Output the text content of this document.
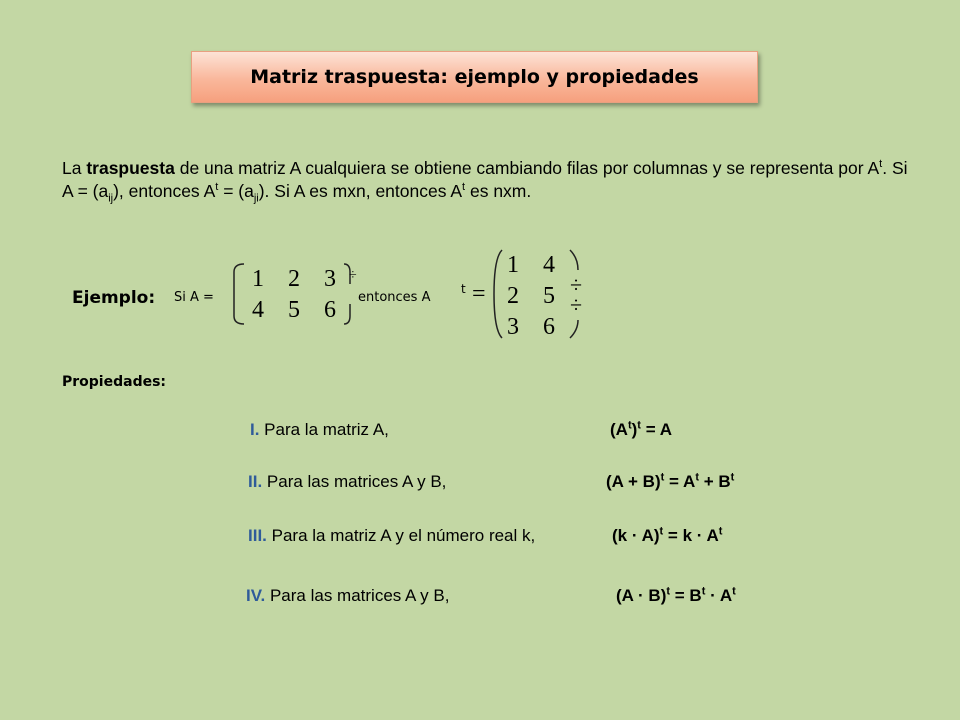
Matriz traspuesta: ejemplo y propiedades

La traspuesta de una matriz A cualquiera se obtiene cambiando filas por columnas y se representa por $A^t$. Si $A = (a_{ij})$, entonces $A^t = (a_{ji})$. Si A es mxn, entonces $A^t$ es nxm.

Ejemplo: Si A =
1 2 3
4 5 6
÷
entonces A
t =
1 4
2 5
3 6
÷
÷
Propiedades:
I. Para la matriz A,	$(A^t)^t = A$
II. Para las matrices A y B,	$(A + B)^t = A^t + B^t$
III. Para la matriz A y el número real k,	$(k \cdot A)^t = k \cdot A^t$
IV. Para las matrices A y B,	$(A \cdot B)^t = B^t \cdot A^t$
